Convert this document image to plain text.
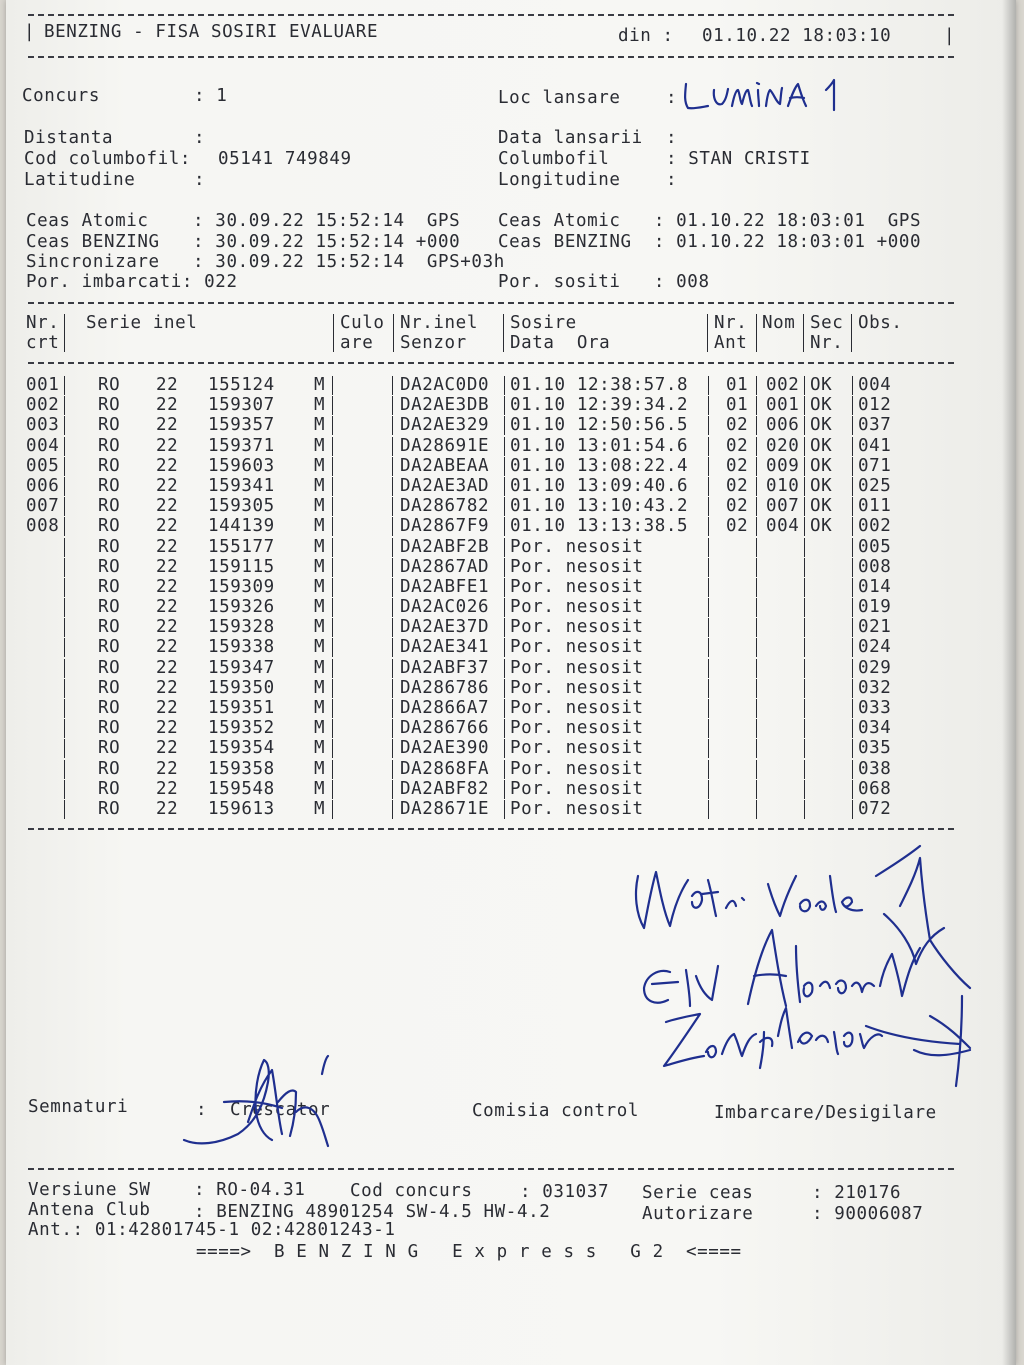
| BENZING - FISA SOSIRI EVALUARE	din : 01.10.22 18:03:10	|
Concurs	: 1	Loc lansare	:
Distanta	:	Data lansarii :
Cod columbofil: 05141 749849	Columbofil	: STAN CRISTI
Latitudine	:	Longitudine	:
Ceas Atomic    : 30.09.22 15:52:14  GPS Ceas Atomic   : 01.10.22 18:03:01  GPS
Ceas BENZING   : 30.09.22 15:52:14 +000 Ceas BENZING  : 01.10.22 18:03:01 +000
Sincronizare   : 30.09.22 15:52:14  GPS+03h
Por. imbarcati: 022	Por. sositi   : 008
Nr. Serie inel	Culo Nr.inel Sosire	Nr. Nom Sec Obs.
crt	are Senzor Data  Ora	Ant	Nr.
001 RO 22 155124 M	DA2AC0D0 01.10 12:38:57.8 01 002 OK 004
002 RO 22 159307 M	DA2AE3DB 01.10 12:39:34.2 01 001 OK 012
003 RO 22 159357 M	DA2AE329 01.10 12:50:56.5 02 006 OK 037
004 RO 22 159371 M	DA28691E 01.10 13:01:54.6 02 020 OK 041
005 RO 22 159603 M	DA2ABEAA 01.10 13:08:22.4 02 009 OK 071
006 RO 22 159341 M	DA2AE3AD 01.10 13:09:40.6 02 010 OK 025
007 RO 22 159305 M	DA286782 01.10 13:10:43.2 02 007 OK 011
008 RO 22 144139 M	DA2867F9 01.10 13:13:38.5 02 004 OK 002
RO 22 155177 M	DA2ABF2B Por. nesosit	005
RO 22 159115 M	DA2867AD Por. nesosit	008
RO 22 159309 M	DA2ABFE1 Por. nesosit	014
RO 22 159326 M	DA2AC026 Por. nesosit	019
RO 22 159328 M	DA2AE37D Por. nesosit	021
RO 22 159338 M	DA2AE341 Por. nesosit	024
RO 22 159347 M	DA2ABF37 Por. nesosit	029
RO 22 159350 M	DA286786 Por. nesosit	032
RO 22 159351 M	DA2866A7 Por. nesosit	033
RO 22 159352 M	DA286766 Por. nesosit	034
RO 22 159354 M	DA2AE390 Por. nesosit	035
RO 22 159358 M	DA2868FA Por. nesosit	038
RO 22 159548 M	DA2ABF82 Por. nesosit	068
RO 22 159613 M	DA28671E Por. nesosit	072
Semnaturi	: Crescator	Comisia control	Imbarcare/Desigilare
Versiune SW : RO-04.31	Cod concurs	: 031037 Serie ceas	: 210176
Antena Club : BENZING 48901254 SW-4.5 HW-4.2	Autorizare	: 90006087
Ant.: 01:42801745-1 02:42801243-1
====>  B E N Z I N G   E x p r e s s   G 2  <====
